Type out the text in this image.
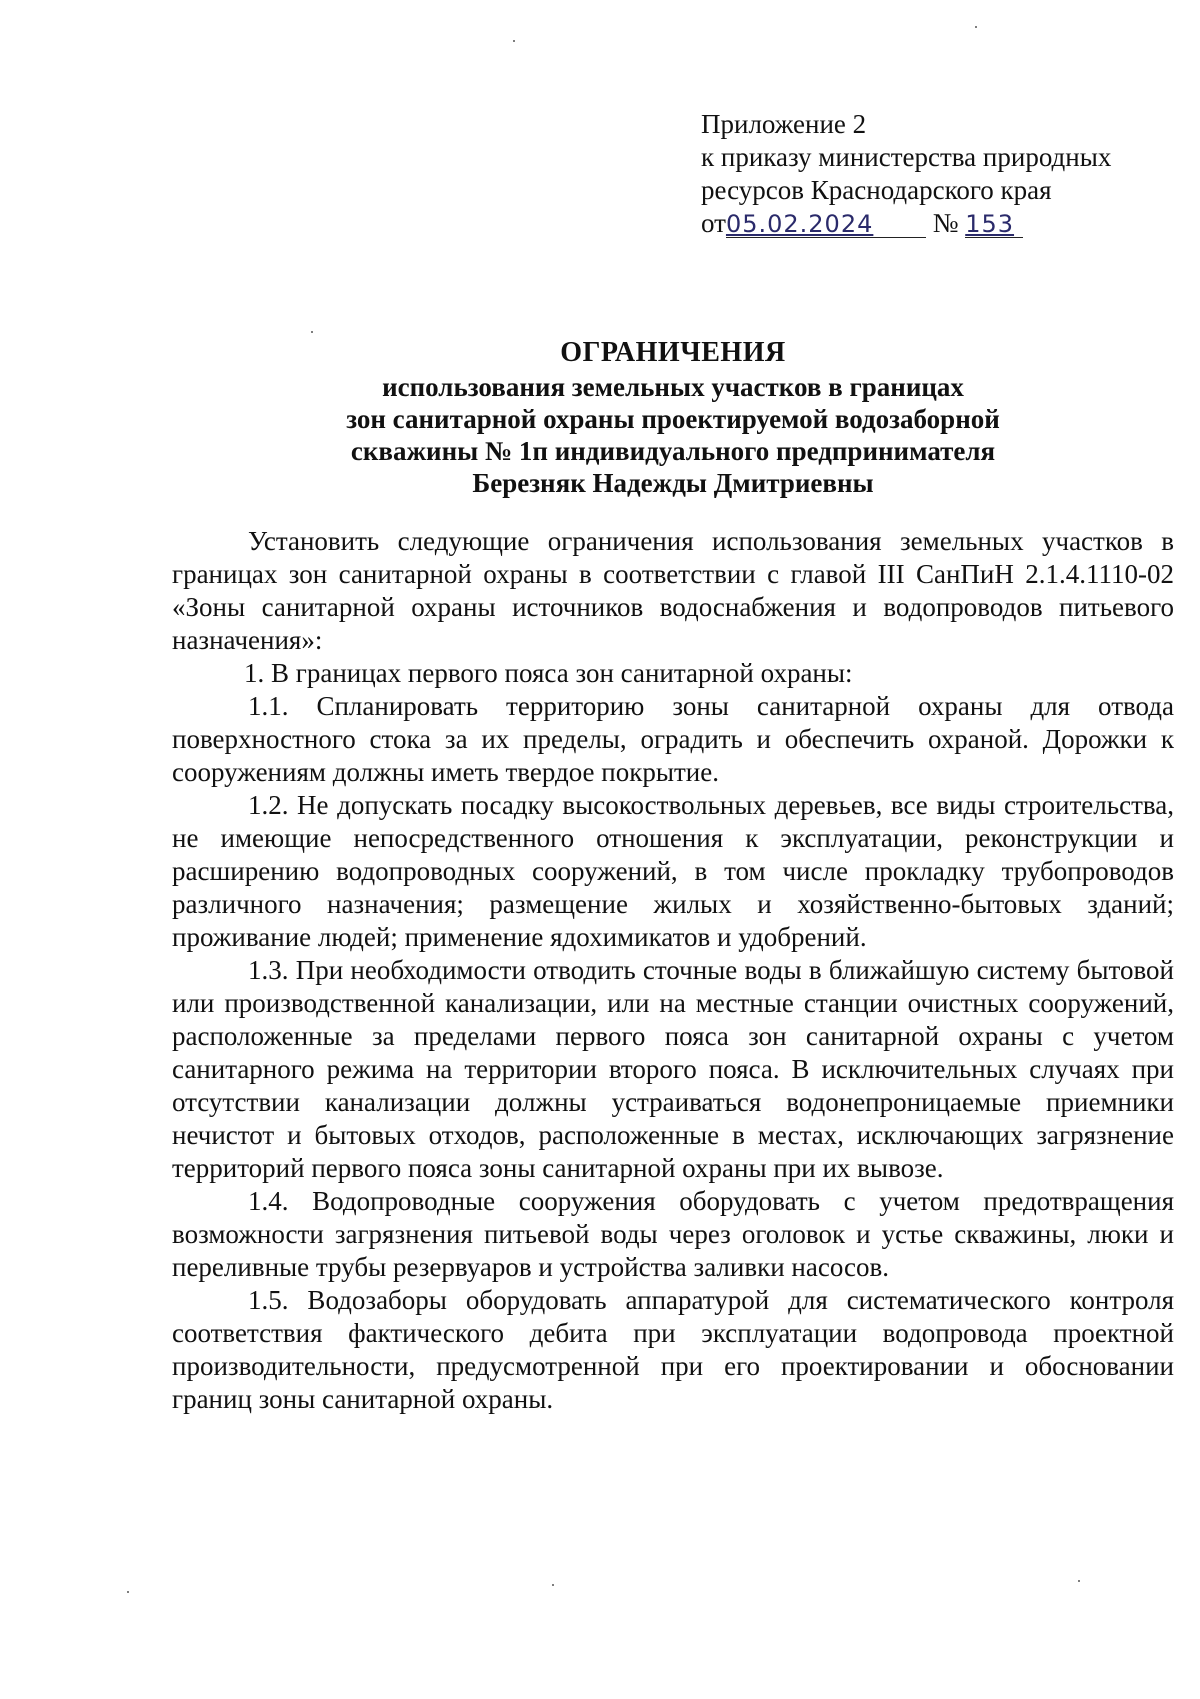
Приложение 2
к приказу министерства природных
ресурсов Краснодарского края
от05.02.2024 № 153
ОГРАНИЧЕНИЯ
использования земельных участков в границах
зон санитарной охраны проектируемой водозаборной
скважины № 1п индивидуального предпринимателя
Березняк Надежды Дмитриевны

Установить следующие ограничения использования земельных участков в границах зон санитарной охраны в соответствии с главой III СанПиН 2.1.4.1110-02 «Зоны санитарной охраны источников водоснабжения и водопроводов питьевого назначения»:

1. В границах первого пояса зон санитарной охраны:

1.1. Спланировать территорию зоны санитарной охраны для отвода поверхностного стока за их пределы, оградить и обеспечить охраной. Дорожки к сооружениям должны иметь твердое покрытие.

1.2. Не допускать посадку высокоствольных деревьев, все виды строительства, не имеющие непосредственного отношения к эксплуатации, реконструкции и расширению водопроводных сооружений, в том числе прокладку трубопроводов различного назначения; размещение жилых и хозяйственно-бытовых зданий; проживание людей; применение ядохимикатов и удобрений.

1.3. При необходимости отводить сточные воды в ближайшую систему бытовой или производственной канализации, или на местные станции очистных сооружений, расположенные за пределами первого пояса зон санитарной охраны с учетом санитарного режима на территории второго пояса. В исключительных случаях при отсутствии канализации должны устраиваться водонепроницаемые приемники нечистот и бытовых отходов, расположенные в местах, исключающих загрязнение территорий первого пояса зоны санитарной охраны при их вывозе.

1.4. Водопроводные сооружения оборудовать с учетом предотвращения возможности загрязнения питьевой воды через оголовок и устье скважины, люки и переливные трубы резервуаров и устройства заливки насосов.

1.5. Водозаборы оборудовать аппаратурой для систематического контроля соответствия фактического дебита при эксплуатации водопровода проектной производительности, предусмотренной при его проектировании и обосновании границ зоны санитарной охраны.
